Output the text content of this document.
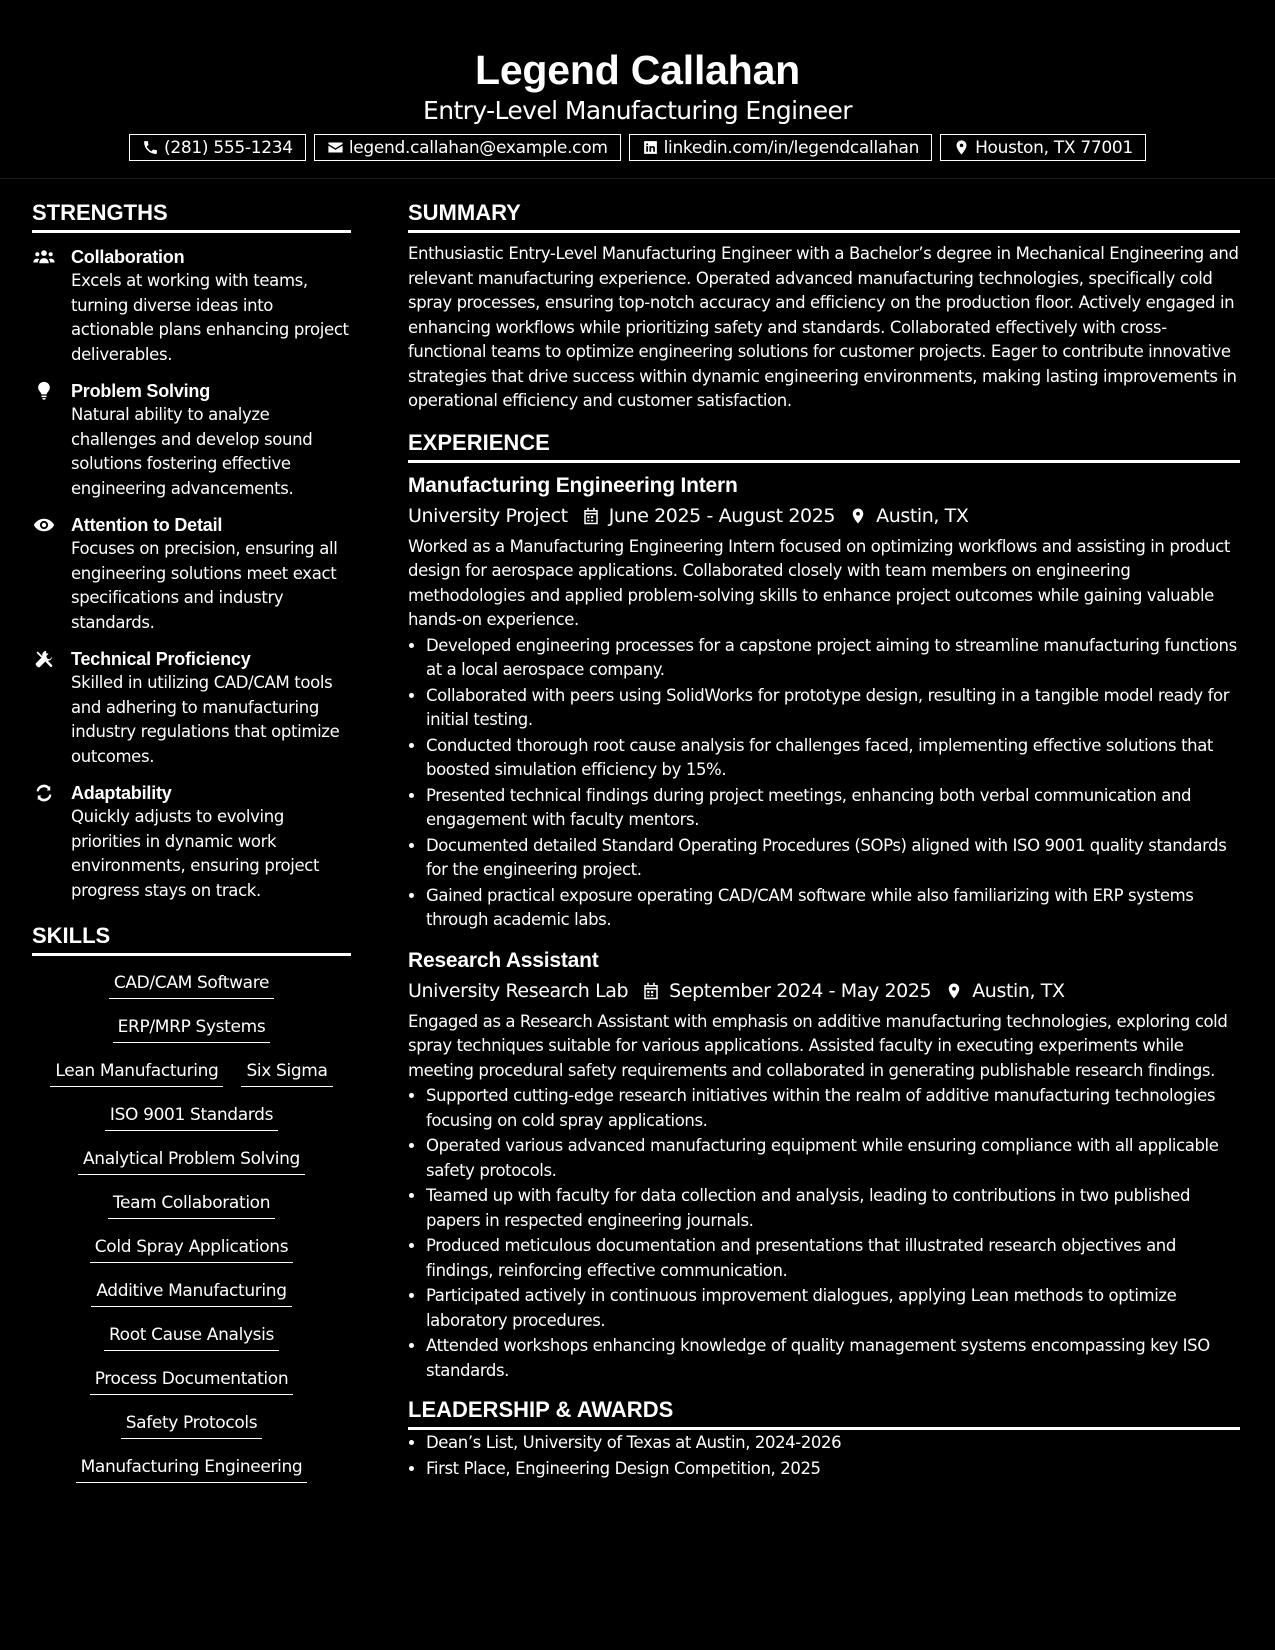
Legend Callahan
Entry-Level Manufacturing Engineer
(281) 555-1234	legend.callahan@example.com	linkedin.com/in/legendcallahan	Houston, TX 77001
STRENGTHS
Collaboration
Excels at working with teams, turning diverse ideas into actionable plans enhancing project deliverables.
Problem Solving
Natural ability to analyze challenges and develop sound solutions fostering effective engineering advancements.
Attention to Detail
Focuses on precision, ensuring all engineering solutions meet exact specifications and industry standards.
Technical Proficiency
Skilled in utilizing CAD/CAM tools and adhering to manufacturing industry regulations that optimize outcomes.
Adaptability
Quickly adjusts to evolving priorities in dynamic work environments, ensuring project progress stays on track.
SKILLS
CAD/CAM Software
ERP/MRP Systems
Lean Manufacturing Six Sigma
ISO 9001 Standards
Analytical Problem Solving
Team Collaboration
Cold Spray Applications
Additive Manufacturing
Root Cause Analysis
Process Documentation
Safety Protocols
Manufacturing Engineering
SUMMARY

Enthusiastic Entry-Level Manufacturing Engineer with a Bachelor’s degree in Mechanical Engineering and relevant manufacturing experience. Operated advanced manufacturing technologies, specifically cold spray processes, ensuring top-notch accuracy and efficiency on the production floor. Actively engaged in enhancing workflows while prioritizing safety and standards. Collaborated effectively with cross-functional teams to optimize engineering solutions for customer projects. Eager to contribute innovative strategies that drive success within dynamic engineering environments, making lasting improvements in operational efficiency and customer satisfaction.

EXPERIENCE
Manufacturing Engineering Intern
University Project June 2025 - August 2025 Austin, TX

Worked as a Manufacturing Engineering Intern focused on optimizing workflows and assisting in product design for aerospace applications. Collaborated closely with team members on engineering methodologies and applied problem-solving skills to enhance project outcomes while gaining valuable hands-on experience.

• Developed engineering processes for a capstone project aiming to streamline manufacturing functions at a local aerospace company.
• Collaborated with peers using SolidWorks for prototype design, resulting in a tangible model ready for initial testing.
• Conducted thorough root cause analysis for challenges faced, implementing effective solutions that boosted simulation efficiency by 15%.
• Presented technical findings during project meetings, enhancing both verbal communication and engagement with faculty mentors.
• Documented detailed Standard Operating Procedures (SOPs) aligned with ISO 9001 quality standards for the engineering project.
• Gained practical exposure operating CAD/CAM software while also familiarizing with ERP systems through academic labs.
Research Assistant
University Research Lab September 2024 - May 2025 Austin, TX

Engaged as a Research Assistant with emphasis on additive manufacturing technologies, exploring cold spray techniques suitable for various applications. Assisted faculty in executing experiments while meeting procedural safety requirements and collaborated in generating publishable research findings.

• Supported cutting-edge research initiatives within the realm of additive manufacturing technologies focusing on cold spray applications.
• Operated various advanced manufacturing equipment while ensuring compliance with all applicable safety protocols.
• Teamed up with faculty for data collection and analysis, leading to contributions in two published papers in respected engineering journals.
• Produced meticulous documentation and presentations that illustrated research objectives and findings, reinforcing effective communication.
• Participated actively in continuous improvement dialogues, applying Lean methods to optimize laboratory procedures.
• Attended workshops enhancing knowledge of quality management systems encompassing key ISO standards.
LEADERSHIP & AWARDS
• Dean’s List, University of Texas at Austin, 2024-2026
• First Place, Engineering Design Competition, 2025
